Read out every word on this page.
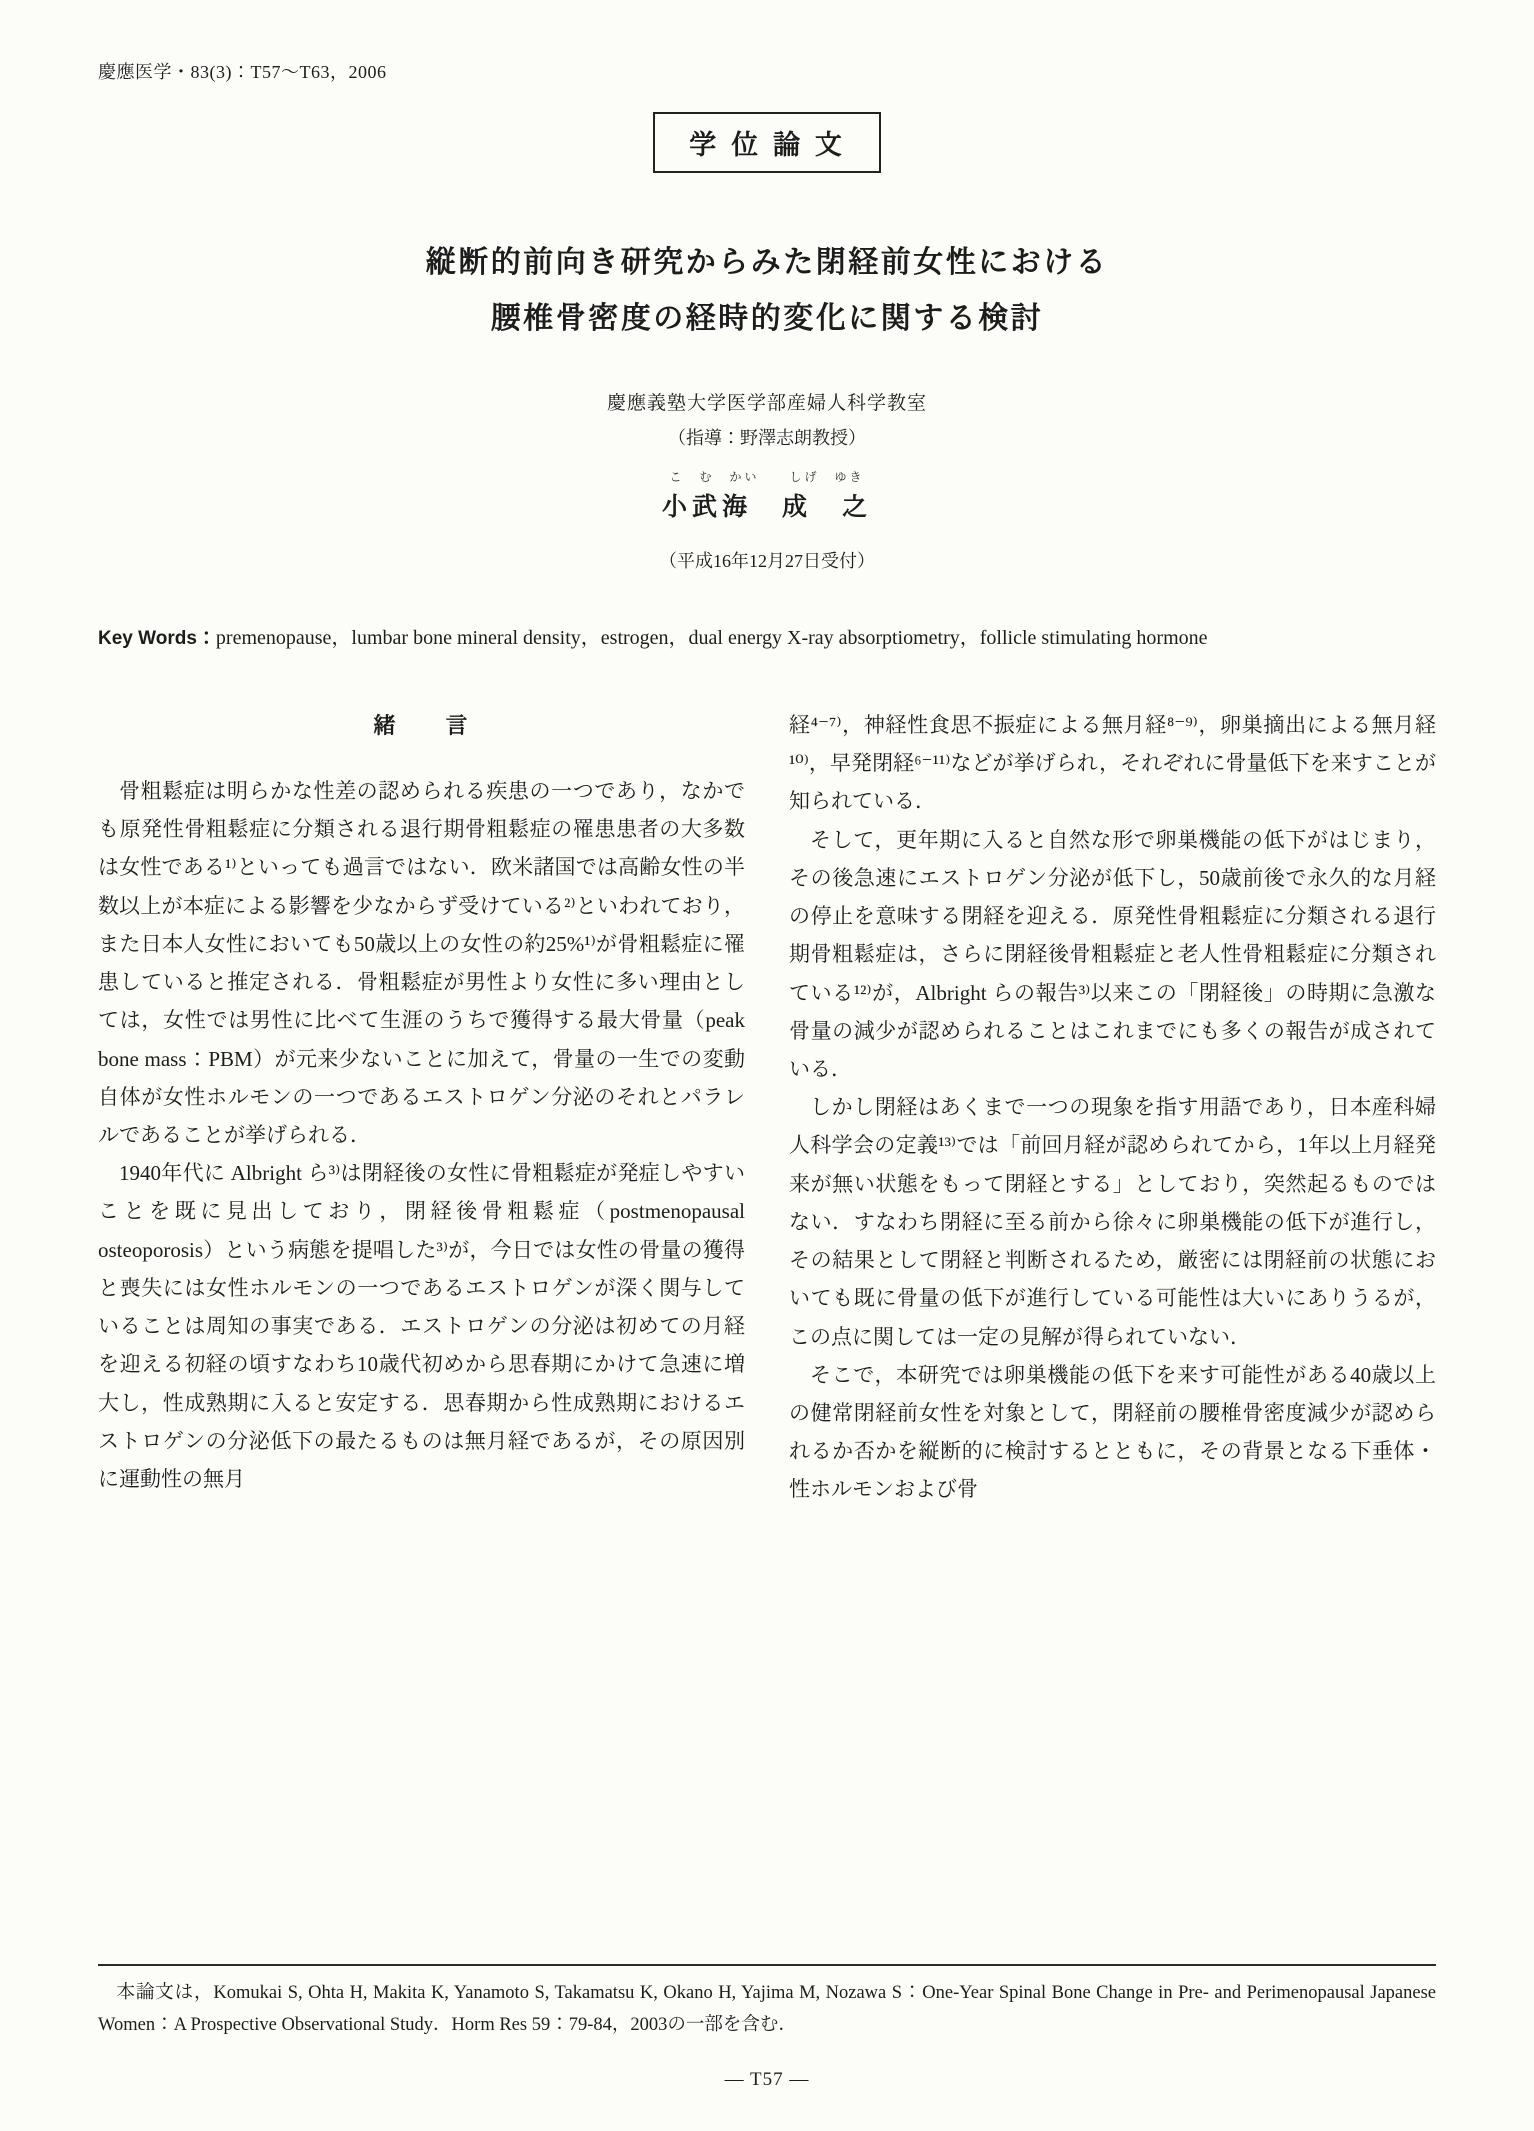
慶應医学・83(3)：T57～T63，2006
学位論文
縦断的前向き研究からみた閉経前女性における
腰椎骨密度の経時的変化に関する検討
慶應義塾大学医学部産婦人科学教室
（指導：野澤志朗教授）
こ　む　かい　　しげ　ゆき
小武海　成　之
（平成16年12月27日受付）
Key Words： premenopause，lumbar bone mineral density，estrogen，dual energy X-ray absorptiometry，follicle stimulating hormone
緒　　言

骨粗鬆症は明らかな性差の認められる疾患の一つであり，なかでも原発性骨粗鬆症に分類される退行期骨粗鬆症の罹患患者の大多数は女性である¹⁾といっても過言ではない．欧米諸国では高齢女性の半数以上が本症による影響を少なからず受けている²⁾といわれており，また日本人女性においても50歳以上の女性の約25%¹⁾が骨粗鬆症に罹患していると推定される．骨粗鬆症が男性より女性に多い理由としては，女性では男性に比べて生涯のうちで獲得する最大骨量（peak bone mass：PBM）が元来少ないことに加えて，骨量の一生での変動自体が女性ホルモンの一つであるエストロゲン分泌のそれとパラレルであることが挙げられる．

1940年代に Albright ら³⁾は閉経後の女性に骨粗鬆症が発症しやすいことを既に見出しており，閉経後骨粗鬆症（postmenopausal osteoporosis）という病態を提唱した³⁾が，今日では女性の骨量の獲得と喪失には女性ホルモンの一つであるエストロゲンが深く関与していることは周知の事実である．エストロゲンの分泌は初めての月経を迎える初経の頃すなわち10歳代初めから思春期にかけて急速に増大し，性成熟期に入ると安定する．思春期から性成熟期におけるエストロゲンの分泌低下の最たるものは無月経であるが，その原因別に運動性の無月

経⁴⁻⁷⁾，神経性食思不振症による無月経⁸⁻⁹⁾，卵巣摘出による無月経¹⁰⁾，早発閉経⁶⁻¹¹⁾などが挙げられ，それぞれに骨量低下を来すことが知られている．

そして，更年期に入ると自然な形で卵巣機能の低下がはじまり，その後急速にエストロゲン分泌が低下し，50歳前後で永久的な月経の停止を意味する閉経を迎える．原発性骨粗鬆症に分類される退行期骨粗鬆症は，さらに閉経後骨粗鬆症と老人性骨粗鬆症に分類されている¹²⁾が，Albright らの報告³⁾以来この「閉経後」の時期に急激な骨量の減少が認められることはこれまでにも多くの報告が成されている．

しかし閉経はあくまで一つの現象を指す用語であり，日本産科婦人科学会の定義¹³⁾では「前回月経が認められてから，1年以上月経発来が無い状態をもって閉経とする」としており，突然起るものではない．すなわち閉経に至る前から徐々に卵巣機能の低下が進行し，その結果として閉経と判断されるため，厳密には閉経前の状態においても既に骨量の低下が進行している可能性は大いにありうるが，この点に関しては一定の見解が得られていない．

そこで，本研究では卵巣機能の低下を来す可能性がある40歳以上の健常閉経前女性を対象として，閉経前の腰椎骨密度減少が認められるか否かを縦断的に検討するとともに，その背景となる下垂体・性ホルモンおよび骨

本論文は，Komukai S, Ohta H, Makita K, Yanamoto S, Takamatsu K, Okano H, Yajima M, Nozawa S：One-Year Spinal Bone Change in Pre- and Perimenopausal Japanese Women：A Prospective Observational Study．Horm Res 59：79-84，2003の一部を含む．

— T57 —
